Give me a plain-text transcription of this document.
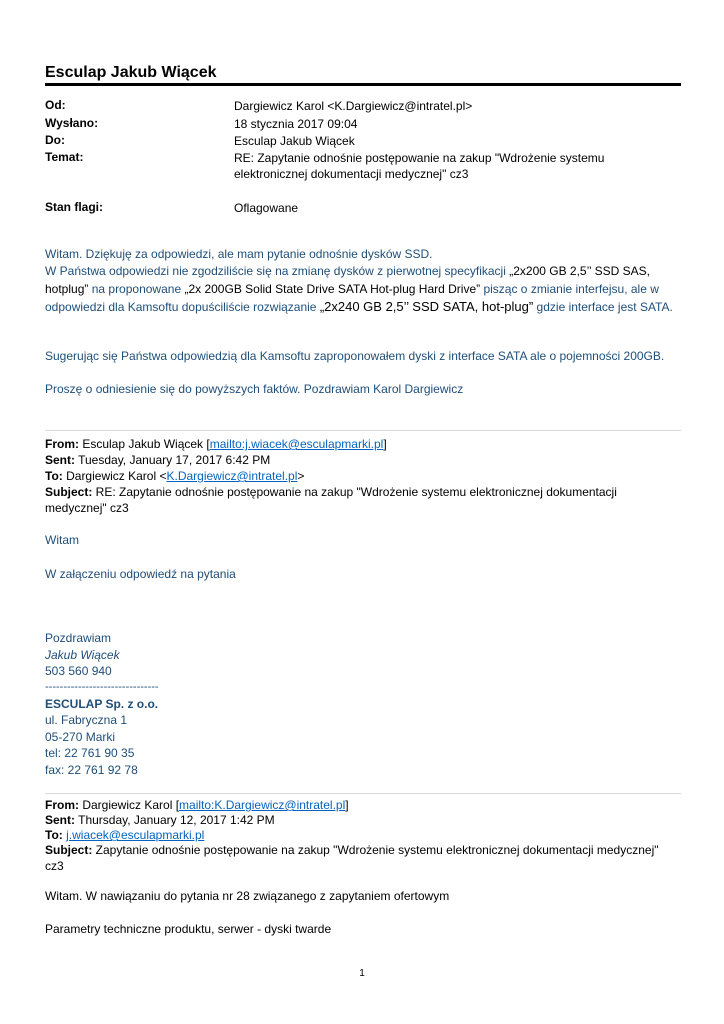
Esculap Jakub Wiącek
Od:	Dargiewicz Karol <K.Dargiewicz@intratel.pl>
Wysłano:	18 stycznia 2017 09:04
Do:	Esculap Jakub Wiącek
Temat:	RE: Zapytanie odnośnie postępowanie na zakup "Wdrożenie systemu elektronicznej dokumentacji medycznej" cz3
Stan flagi:	Oflagowane
Witam. Dziękuję za odpowiedzi, ale mam pytanie odnośnie dysków SSD.
W Państwa odpowiedzi nie zgodziliście się na zmianę dysków z pierwotnej specyfikacji „2x200 GB 2,5’’ SSD SAS, hotplug” na proponowane „2x 200GB Solid State Drive SATA Hot-plug Hard Drive” pisząc o zmianie interfejsu, ale w odpowiedzi dla Kamsoftu dopuściliście rozwiązanie „2x240 GB 2,5’’ SSD SATA, hot-plug” gdzie interface jest SATA.
Sugerując się Państwa odpowiedzią dla Kamsoftu zaproponowałem dyski z interface SATA ale o pojemności 200GB.
Proszę o odniesienie się do powyższych faktów. Pozdrawiam Karol Dargiewicz
From: Esculap Jakub Wiącek [mailto:j.wiacek@esculapmarki.pl]
Sent: Tuesday, January 17, 2017 6:42 PM
To: Dargiewicz Karol <K.Dargiewicz@intratel.pl>
Subject: RE: Zapytanie odnośnie postępowanie na zakup "Wdrożenie systemu elektronicznej dokumentacji medycznej" cz3
Witam
W załączeniu odpowiedź na pytania
Pozdrawiam
Jakub Wiącek
503 560 940
-------------------------------
ESCULAP Sp. z o.o.
ul. Fabryczna 1
05-270 Marki
tel: 22 761 90 35
fax: 22 761 92 78
From: Dargiewicz Karol [mailto:K.Dargiewicz@intratel.pl]
Sent: Thursday, January 12, 2017 1:42 PM
To: j.wiacek@esculapmarki.pl
Subject: Zapytanie odnośnie postępowanie na zakup "Wdrożenie systemu elektronicznej dokumentacji medycznej" cz3
Witam. W nawiązaniu do pytania nr 28 związanego z zapytaniem ofertowym
Parametry techniczne produktu, serwer - dyski twarde
1
